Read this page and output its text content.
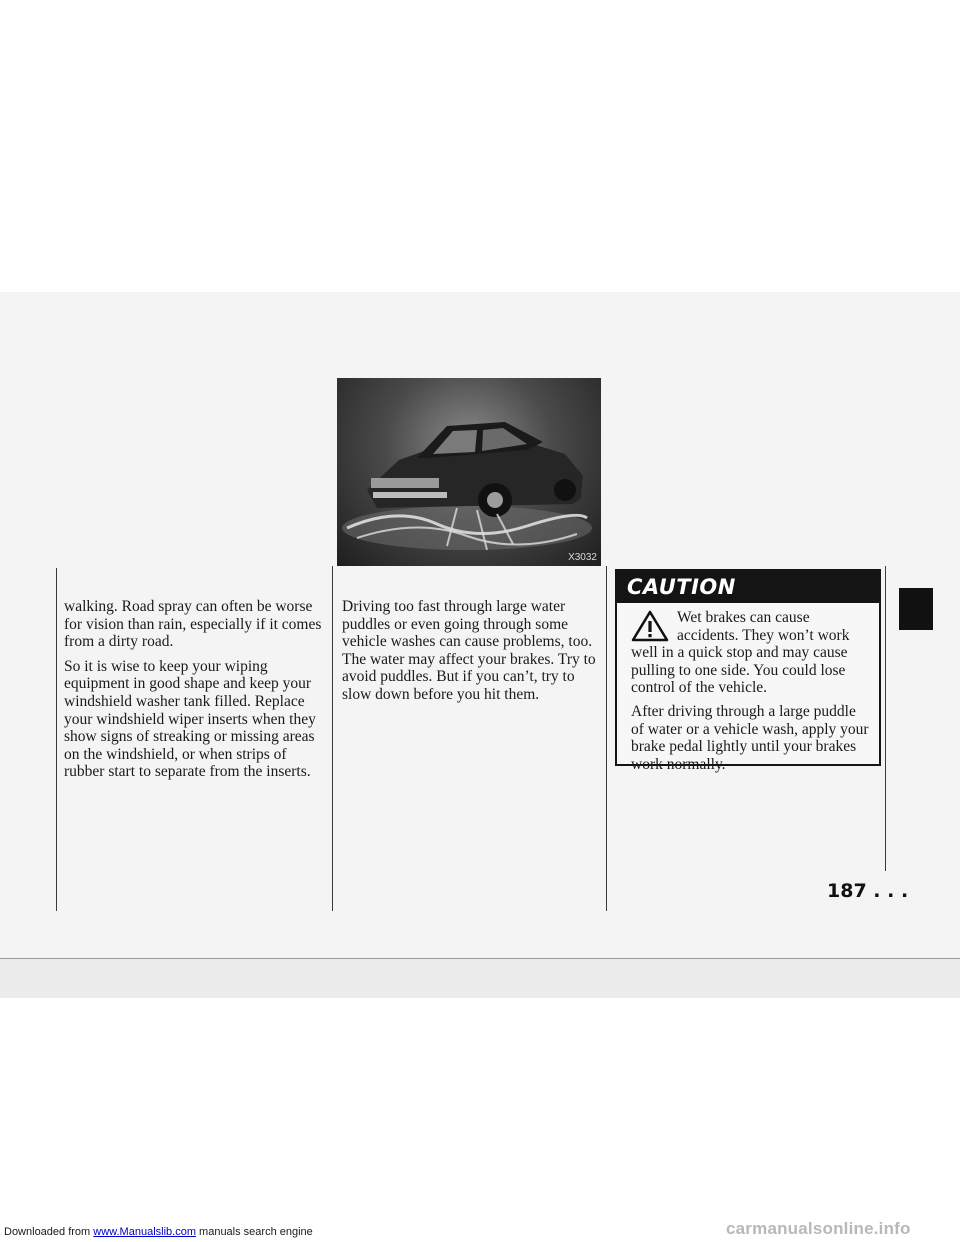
X3032

walking. Road spray can often be worse for vision than rain, especially if it comes from a dirty road.

So it is wise to keep your wiping equipment in good shape and keep your windshield washer tank filled. Replace your windshield wiper inserts when they show signs of streaking or missing areas on the windshield, or when strips of rubber start to separate from the inserts.

Driving too fast through large water puddles or even going through some vehicle washes can cause problems, too. The water may affect your brakes. Try to avoid puddles. But if you can’t, try to slow down before you hit them.

CAUTION

Wet brakes can cause accidents. They won’t work well in a quick stop and may cause pulling to one side. You could lose control of the vehicle.

After driving through a large puddle of water or a vehicle wash, apply your brake pedal lightly until your brakes work normally.

187 . . .
Downloaded from www.Manualslib.com manuals search engine	carmanualsonline.info
